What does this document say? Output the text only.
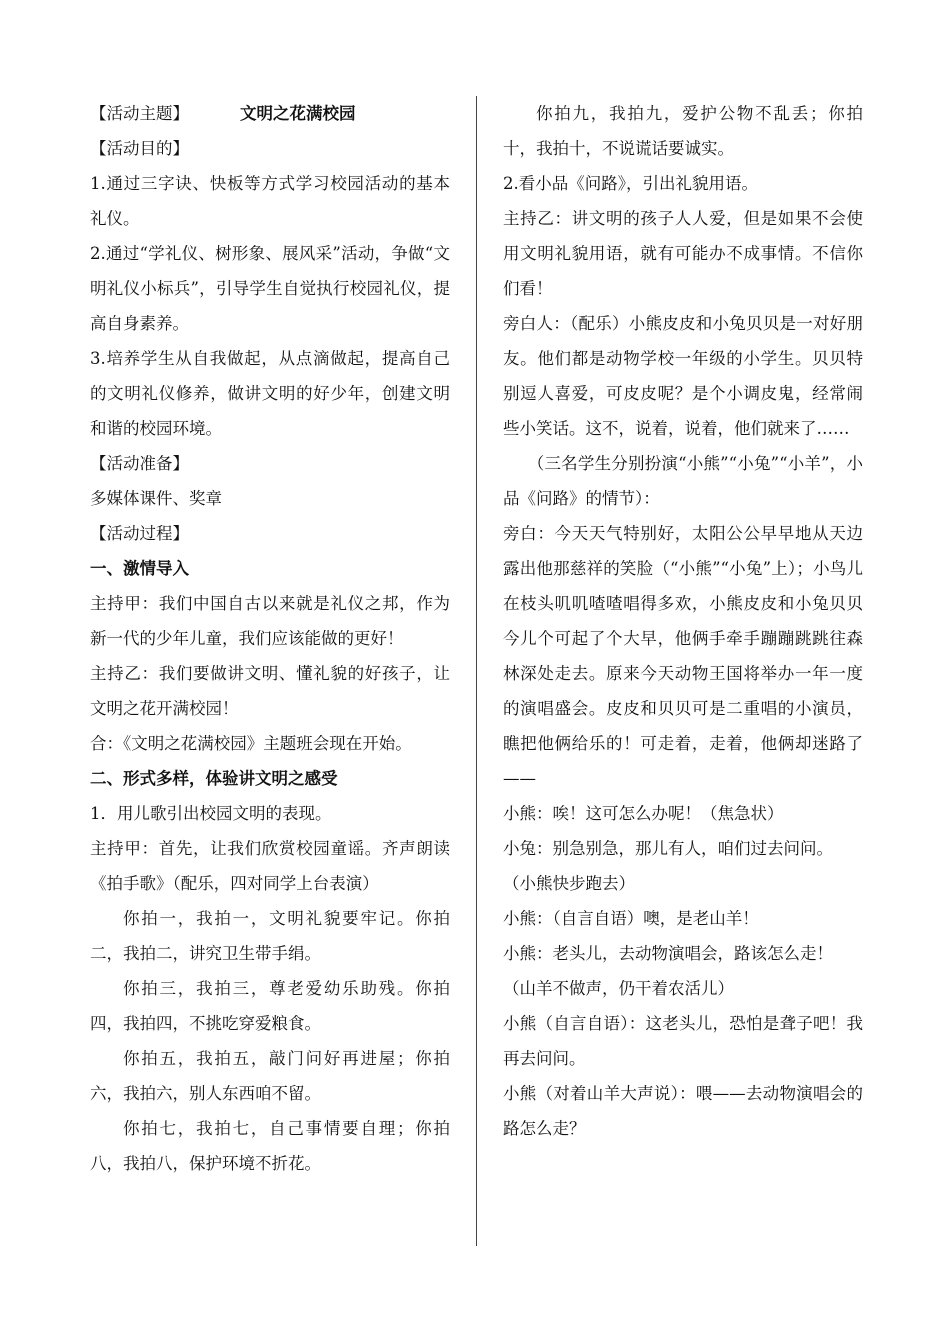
【活动主题】	文明之花满校园

【活动目的】

1.通过三字诀、快板等方式学习校园活动的基本礼仪。

2.通过“学礼仪、树形象、展风采”活动，争做“文明礼仪小标兵”，引导学生自觉执行校园礼仪，提高自身素养。

3.培养学生从自我做起，从点滴做起，提高自己的文明礼仪修养，做讲文明的好少年，创建文明和谐的校园环境。

【活动准备】

多媒体课件、奖章

【活动过程】

一、激情导入

主持甲：我们中国自古以来就是礼仪之邦，作为新一代的少年儿童，我们应该能做的更好！

主持乙：我们要做讲文明、懂礼貌的好孩子，让文明之花开满校园！

合：《文明之花满校园》主题班会现在开始。

二、形式多样，体验讲文明之感受

1．用儿歌引出校园文明的表现。

主持甲：首先，让我们欣赏校园童谣。齐声朗读《拍手歌》（配乐，四对同学上台表演）

你拍一，我拍一，文明礼貌要牢记。你拍二，我拍二，讲究卫生带手绢。

你拍三，我拍三，尊老爱幼乐助残。你拍四，我拍四，不挑吃穿爱粮食。

你拍五，我拍五，敲门问好再进屋；你拍六，我拍六，别人东西咱不留。

你拍七，我拍七，自己事情要自理；你拍八，我拍八，保护环境不折花。

你拍九，我拍九，爱护公物不乱丢；你拍十，我拍十，不说谎话要诚实。

2.看小品《问路》，引出礼貌用语。

主持乙：讲文明的孩子人人爱，但是如果不会使用文明礼貌用语，就有可能办不成事情。不信你们看！

旁白人：（配乐）小熊皮皮和小兔贝贝是一对好朋友。他们都是动物学校一年级的小学生。贝贝特别逗人喜爱，可皮皮呢？是个小调皮鬼，经常闹些小笑话。这不，说着，说着，他们就来了……

（三名学生分别扮演“小熊”“小兔”“小羊”，小品《问路》的情节）：

旁白：今天天气特别好，太阳公公早早地从天边露出他那慈祥的笑脸（“小熊”“小兔”上）；小鸟儿在枝头叽叽喳喳唱得多欢，小熊皮皮和小兔贝贝今儿个可起了个大早，他俩手牵手蹦蹦跳跳往森林深处走去。原来今天动物王国将举办一年一度的演唱盛会。皮皮和贝贝可是二重唱的小演员，瞧把他俩给乐的！可走着，走着，他俩却迷路了——

小熊：唉！这可怎么办呢！（焦急状）

小兔：别急别急，那儿有人，咱们过去问问。

（小熊快步跑去）

小熊：（自言自语）噢，是老山羊！

小熊：老头儿，去动物演唱会，路该怎么走！

（山羊不做声，仍干着农活儿）

小熊（自言自语）：这老头儿，恐怕是聋子吧！我再去问问。

小熊（对着山羊大声说）：喂——去动物演唱会的路怎么走？
